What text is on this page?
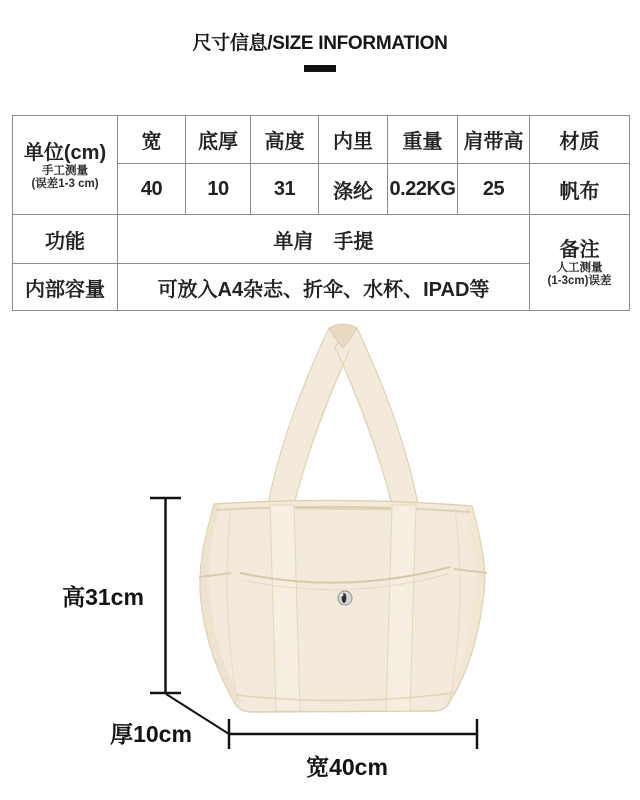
尺寸信息/SIZE INFORMATION
单位(cm)
手工测量
(误差1-3 cm)	宽	底厚	高度	内里	重量	肩带高	材质
	40	10	31	涤纶	0.22KG	25	帆布
功能	单肩　手提						备注
人工测量
(1-3cm)误差

内部容量	可放入A4杂志、折伞、水杯、IPAD等						
高31cm
厚10cm
宽40cm
